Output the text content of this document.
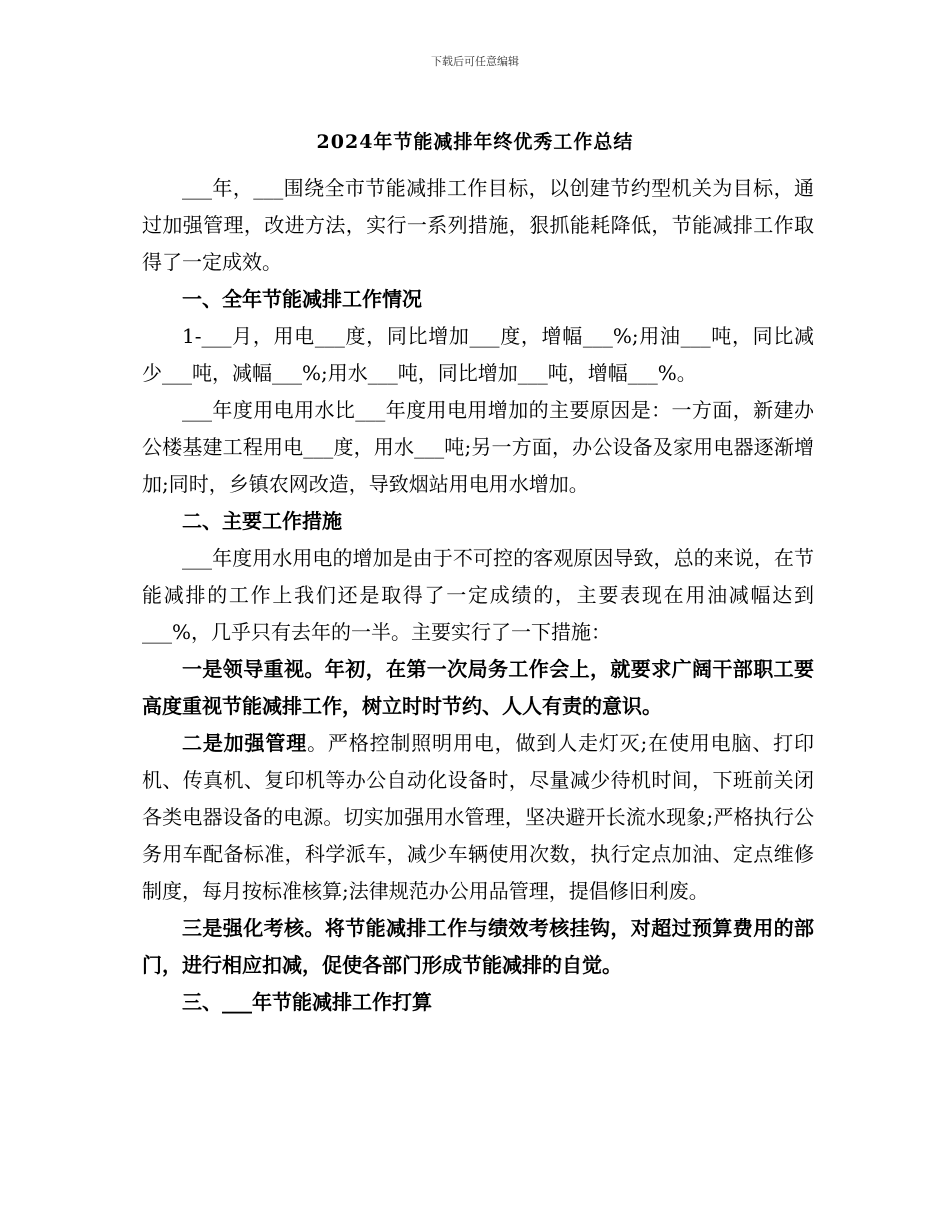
下载后可任意编辑
2024年节能减排年终优秀工作总结

___年，___围绕全市节能减排工作目标，以创建节约型机关为目标，通过加强管理，改进方法，实行一系列措施，狠抓能耗降低，节能减排工作取得了一定成效。

一、全年节能减排工作情况

1-___月，用电___度，同比增加___度，增幅___%;用油___吨，同比减少___吨，减幅___%;用水___吨，同比增加___吨，增幅___%。

___年度用电用水比___年度用电用增加的主要原因是：一方面，新建办公楼基建工程用电___度，用水___吨;另一方面，办公设备及家用电器逐渐增加;同时，乡镇农网改造，导致烟站用电用水增加。

二、主要工作措施

___年度用水用电的增加是由于不可控的客观原因导致，总的来说，在节能减排的工作上我们还是取得了一定成绩的，主要表现在用油减幅达到___%，几乎只有去年的一半。主要实行了一下措施：

一是领导重视。年初，在第一次局务工作会上，就要求广阔干部职工要高度重视节能减排工作，树立时时节约、人人有责的意识。

二是加强管理。严格控制照明用电，做到人走灯灭;在使用电脑、打印机、传真机、复印机等办公自动化设备时，尽量减少待机时间，下班前关闭各类电器设备的电源。切实加强用水管理，坚决避开长流水现象;严格执行公务用车配备标准，科学派车，减少车辆使用次数，执行定点加油、定点维修制度，每月按标准核算;法律规范办公用品管理，提倡修旧利废。

三是强化考核。将节能减排工作与绩效考核挂钩，对超过预算费用的部门，进行相应扣减，促使各部门形成节能减排的自觉。

三、___年节能减排工作打算
